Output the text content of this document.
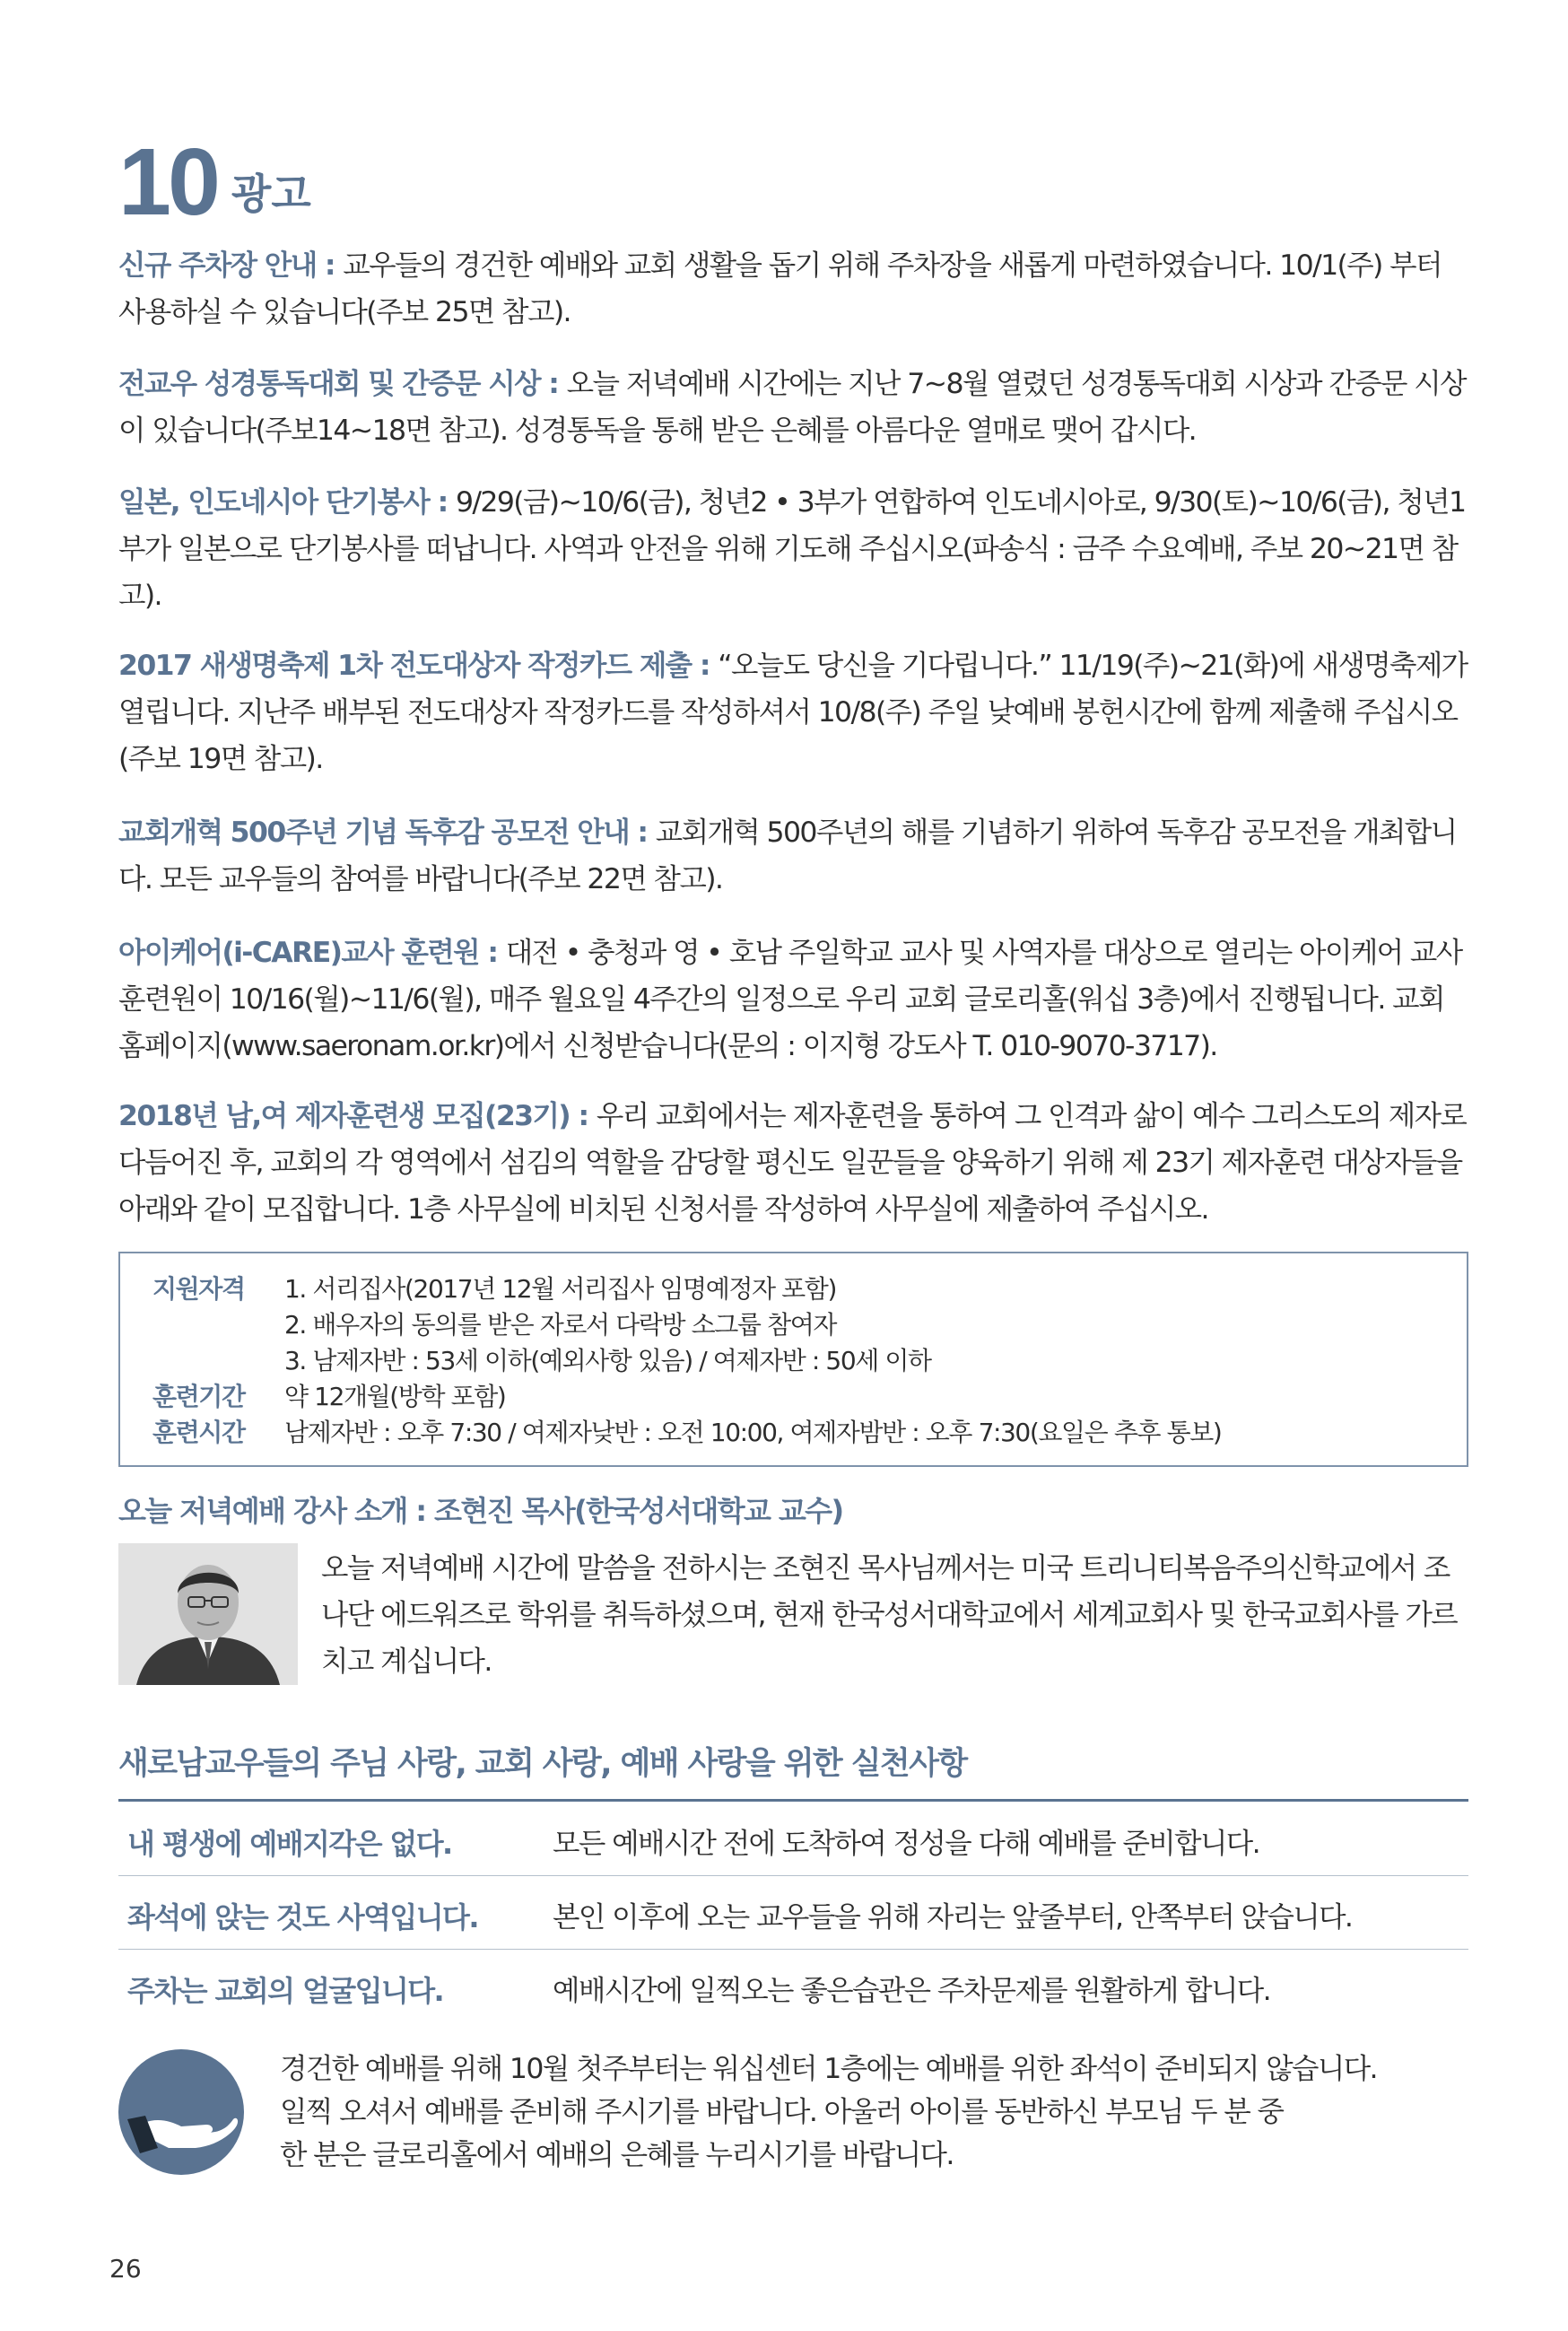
10 광고
신규 주차장 안내 : 교우들의 경건한 예배와 교회 생활을 돕기 위해 주차장을 새롭게 마련하였습니다. 10/1(주) 부터 사용하실 수 있습니다(주보 25면 참고).
전교우 성경통독대회 및 간증문 시상 : 오늘 저녁예배 시간에는 지난 7∼8월 열렸던 성경통독대회 시상과 간증문 시상이 있습니다(주보14∼18면 참고). 성경통독을 통해 받은 은혜를 아름다운 열매로 맺어 갑시다.
일본, 인도네시아 단기봉사 : 9/29(금)∼10/6(금), 청년2 • 3부가 연합하여 인도네시아로, 9/30(토)∼10/6(금), 청년1부가 일본으로 단기봉사를 떠납니다. 사역과 안전을 위해 기도해 주십시오(파송식 : 금주 수요예배, 주보 20∼21면 참고).
2017 새생명축제 1차 전도대상자 작정카드 제출 : “오늘도 당신을 기다립니다.” 11/19(주)∼21(화)에 새생명축제가 열립니다. 지난주 배부된 전도대상자 작정카드를 작성하셔서 10/8(주) 주일 낮예배 봉헌시간에 함께 제출해 주십시오(주보 19면 참고).
교회개혁 500주년 기념 독후감 공모전 안내 : 교회개혁 500주년의 해를 기념하기 위하여 독후감 공모전을 개최합니다. 모든 교우들의 참여를 바랍니다(주보 22면 참고).
아이케어(i-CARE)교사 훈련원 : 대전 • 충청과 영 • 호남 주일학교 교사 및 사역자를 대상으로 열리는 아이케어 교사훈련원이 10/16(월)∼11/6(월), 매주 월요일 4주간의 일정으로 우리 교회 글로리홀(워십 3층)에서 진행됩니다. 교회 홈페이지(www.saeronam.or.kr)에서 신청받습니다(문의 : 이지형 강도사 T. 010-9070-3717).
2018년 남,여 제자훈련생 모집(23기) : 우리 교회에서는 제자훈련을 통하여 그 인격과 삶이 예수 그리스도의 제자로 다듬어진 후, 교회의 각 영역에서 섬김의 역할을 감당할 평신도 일꾼들을 양육하기 위해 제 23기 제자훈련 대상자들을 아래와 같이 모집합니다. 1층 사무실에 비치된 신청서를 작성하여 사무실에 제출하여 주십시오.
지원자격	1. 서리집사(2017년 12월 서리집사 임명예정자 포함)
2. 배우자의 동의를 받은 자로서 다락방 소그룹 참여자
3. 남제자반 : 53세 이하(예외사항 있음) / 여제자반 : 50세 이하
훈련기간	약 12개월(방학 포함)
훈련시간	남제자반 : 오후 7:30 / 여제자낮반 : 오전 10:00, 여제자밤반 : 오후 7:30(요일은 추후 통보)
오늘 저녁예배 강사 소개 : 조현진 목사(한국성서대학교 교수)
오늘 저녁예배 시간에 말씀을 전하시는 조현진 목사님께서는 미국 트리니티복음주의신학교에서 조나단 에드워즈로 학위를 취득하셨으며, 현재 한국성서대학교에서 세계교회사 및 한국교회사를 가르치고 계십니다.
새로남교우들의 주님 사랑, 교회 사랑, 예배 사랑을 위한 실천사항
내 평생에 예배지각은 없다.	모든 예배시간 전에 도착하여 정성을 다해 예배를 준비합니다.
좌석에 앉는 것도 사역입니다.	본인 이후에 오는 교우들을 위해 자리는 앞줄부터, 안쪽부터 앉습니다.
주차는 교회의 얼굴입니다.	예배시간에 일찍오는 좋은습관은 주차문제를 원활하게 합니다.
경건한 예배를 위해 10월 첫주부터는 워십센터 1층에는 예배를 위한 좌석이 준비되지 않습니다.
일찍 오셔서 예배를 준비해 주시기를 바랍니다. 아울러 아이를 동반하신 부모님 두 분 중
한 분은 글로리홀에서 예배의 은혜를 누리시기를 바랍니다.
26
